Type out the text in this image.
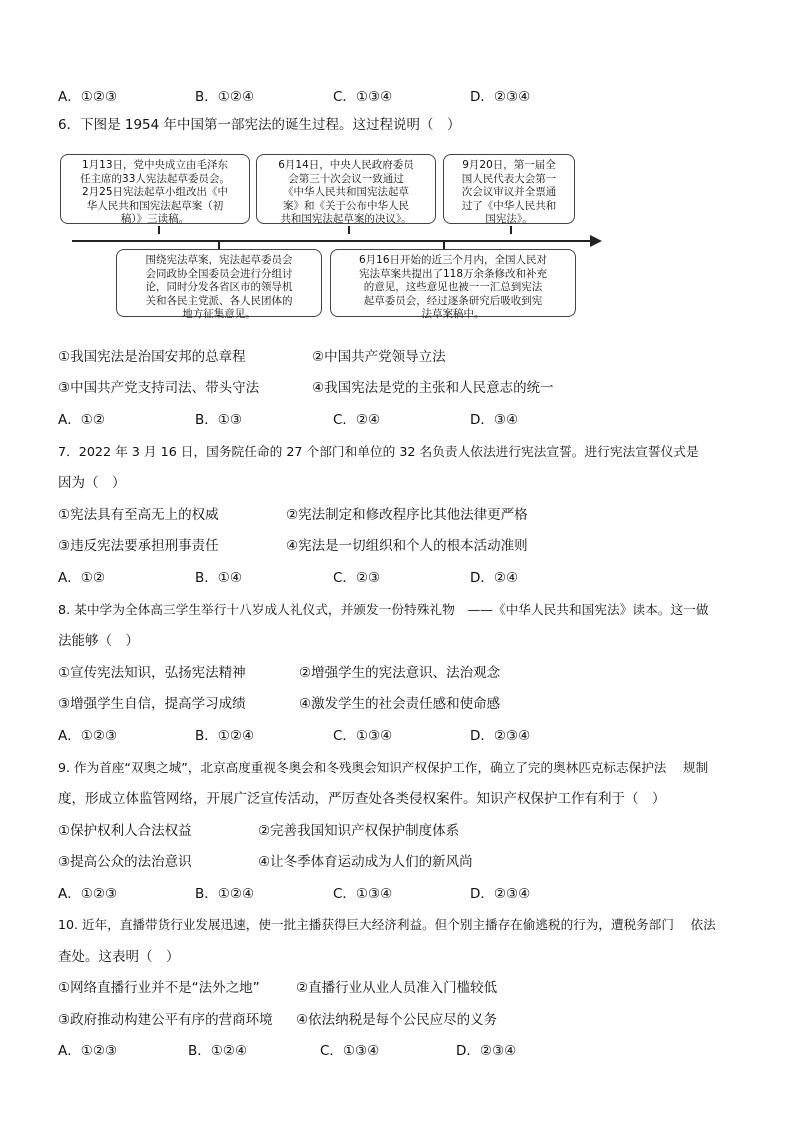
A．①②③	B．①②④	C．①③④	D．②③④
6．下图是 1954 年中国第一部宪法的诞生过程。这过程说明（　）
1月13日，党中央成立由毛泽东
任主席的33人宪法起草委员会。
2月25日宪法起草小组改出《中
华人民共和国宪法起草案（初
稿）》三读稿。
6月14日，中央人民政府委员
会第三十次会议一致通过
《中华人民共和国宪法起草
案》和《关于公布中华人民
共和国宪法起草案的决议》。
9月20日，第一届全
国人民代表大会第一
次会议审议并全票通
过了《中华人民共和
国宪法》。
围绕宪法草案，宪法起草委员会
会同政协全国委员会进行分组讨
论，同时分发各省区市的领导机
关和各民主党派、各人民团体的
地方征集意见。
6月16日开始的近三个月内，全国人民对
宪法草案共提出了118万余条修改和补充
的意见，这些意见也被一一汇总到宪法
起草委员会，经过逐条研究后吸收到宪
法草案稿中。
①我国宪法是治国安邦的总章程	②中国共产党领导立法
③中国共产党支持司法、带头守法	④我国宪法是党的主张和人民意志的统一
A．①②	B．①③	C．②④	D．③④
7．2022 年 3 月 16 日，国务院任命的 27 个部门和单位的 32 名负责人依法进行宪法宣誓。进行宪法宣誓仪式是
因为（　）
①宪法具有至高无上的权威	②宪法制定和修改程序比其他法律更严格
③违反宪法要承担刑事责任	④宪法是一切组织和个人的根本活动准则
A．①②	B．①④	C．②③	D．②④
8. 某中学为全体高三学生举行十八岁成人礼仪式，并颁发一份特殊礼物　——《中华人民共和国宪法》读本。这一做
法能够（　）
①宣传宪法知识，弘扬宪法精神	②增强学生的宪法意识、法治观念
③增强学生自信，提高学习成绩	④激发学生的社会责任感和使命感
A．①②③	B．①②④	C．①③④	D．②③④
9. 作为首座“双奥之城”，北京高度重视冬奥会和冬残奥会知识产权保护工作，确立了完的奥林匹克标志保护法　 规制
度，形成立体监管网络，开展广泛宣传活动，严厉查处各类侵权案件。知识产权保护工作有利于（　）
①保护权利人合法权益	②完善我国知识产权保护制度体系
③提高公众的法治意识	④让冬季体育运动成为人们的新风尚
A．①②③	B．①②④	C．①③④	D．②③④
10. 近年，直播带货行业发展迅速，使一批主播获得巨大经济利益。但个别主播存在偷逃税的行为，遭税务部门　 依法
查处。这表明（　）
①网络直播行业并不是“法外之地”	②直播行业从业人员准入门槛较低
③政府推动构建公平有序的营商环境 ④依法纳税是每个公民应尽的义务
A．①②③	B．①②④	C．①③④	D．②③④
